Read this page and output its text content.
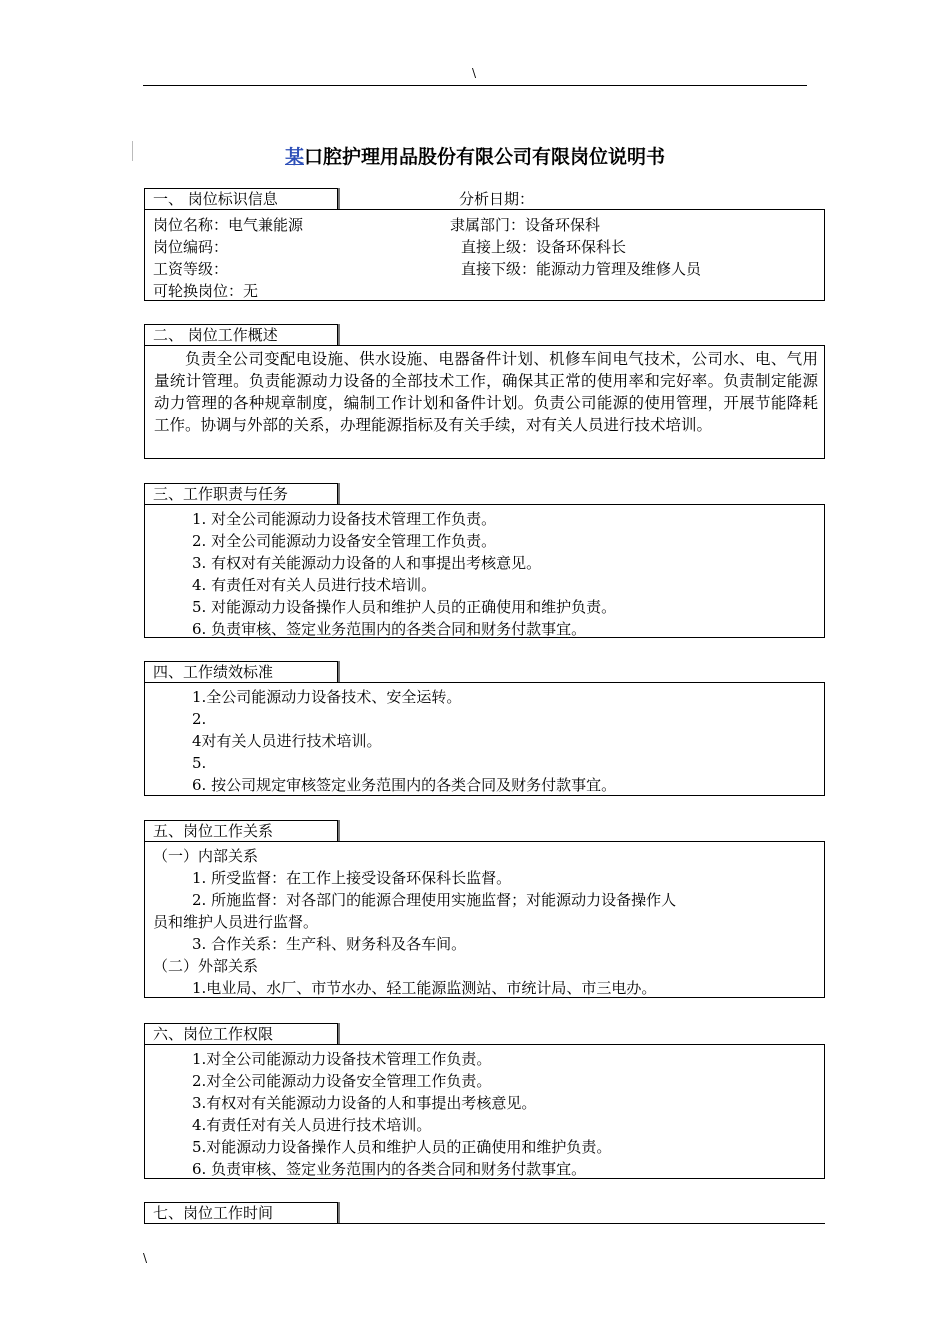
\
某口腔护理用品股份有限公司有限岗位说明书
一、 岗位标识信息	分析日期：
岗位名称：电气兼能源
岗位编码：
工资等级：
可轮换岗位：无
隶属部门：设备环保科
直接上级：设备环保科长
直接下级：能源动力管理及维修人员
二、 岗位工作概述
负责全公司变配电设施、供水设施、电器备件计划、机修车间电气技术，公司水、电、气用量统计管理。负责能源动力设备的全部技术工作，确保其正常的使用率和完好率。负责制定能源动力管理的各种规章制度，编制工作计划和备件计划。负责公司能源的使用管理，开展节能降耗工作。协调与外部的关系，办理能源指标及有关手续，对有关人员进行技术培训。
三、工作职责与任务
1. 对全公司能源动力设备技术管理工作负责。
2. 对全公司能源动力设备安全管理工作负责。
3. 有权对有关能源动力设备的人和事提出考核意见。
4. 有责任对有关人员进行技术培训。
5. 对能源动力设备操作人员和维护人员的正确使用和维护负责。
6. 负责审核、签定业务范围内的各类合同和财务付款事宜。
四、工作绩效标准
1.全公司能源动力设备技术、安全运转。
2.
4对有关人员进行技术培训。
5.
6. 按公司规定审核签定业务范围内的各类合同及财务付款事宜。
五、岗位工作关系
（一）内部关系
1. 所受监督：在工作上接受设备环保科长监督。
2. 所施监督：对各部门的能源合理使用实施监督；对能源动力设备操作人
员和维护人员进行监督。
3. 合作关系：生产科、财务科及各车间。
（二）外部关系
1.电业局、水厂、市节水办、轻工能源监测站、市统计局、市三电办。
六、岗位工作权限
1.对全公司能源动力设备技术管理工作负责。
2.对全公司能源动力设备安全管理工作负责。
3.有权对有关能源动力设备的人和事提出考核意见。
4.有责任对有关人员进行技术培训。
5.对能源动力设备操作人员和维护人员的正确使用和维护负责。
6. 负责审核、签定业务范围内的各类合同和财务付款事宜。
七、岗位工作时间
\
